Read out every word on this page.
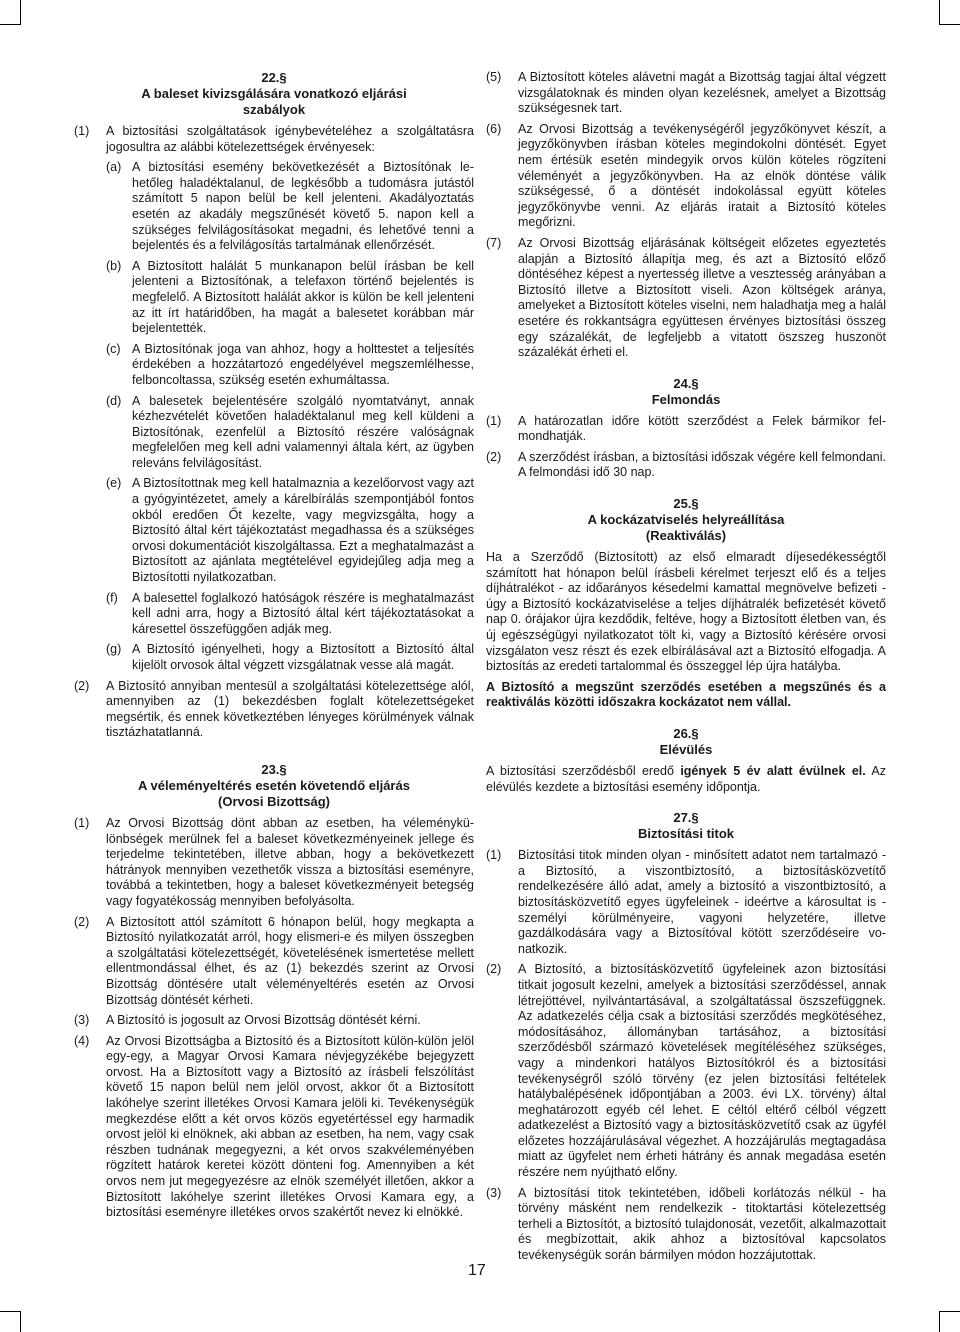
22.§

A baleset kivizsgálására vonatkozó eljárási

szabályok

(1)	A biztosítási szolgáltatások igénybevételéhez a szolgáltatásra jogosultra az alábbi kötelezettségek érvényesek:
(a) A biztosítási esemény bekövetkezését a Biztosítónak lehetőleg haladéktalanul, de legkésőbb a tudomásra jutástól számított 5 napon belül be kell jelenteni. Akadályoztatás esetén az akadály megszűnését követő 5. napon kell a szükséges felvilágosításokat megadni, és lehetővé tenni a bejelentés és a felvilágosítás tartalmának ellenőrzését.
(b) A Biztosított halálát 5 munkanapon belül írásban be kell jelenteni a Biztosítónak, a telefaxon történő bejelentés is megfelelő. A Biztosított halálát akkor is külön be kell jelenteni az itt írt határidőben, ha magát a balesetet korábban már bejelentették.
(c) A Biztosítónak joga van ahhoz, hogy a holttestet a teljesítés érdekében a hozzátartozó engedélyével megszemlélhesse, felboncoltassa, szükség esetén exhumáltassa.
(d) A balesetek bejelentésére szolgáló nyomtatványt, annak kézhezvételét követően haladéktalanul meg kell küldeni a Biztosítónak, ezenfelül a Biztosító részére valóságnak megfelelően meg kell adni valamennyi általa kért, az ügyben releváns felvilágosítást.
(e) A Biztosítottnak meg kell hatalmaznia a kezelőorvost vagy azt a gyógyintézetet, amely a kárelbírálás szempontjából fontos okból eredően Őt kezelte, vagy megvizsgálta, hogy a Biztosító által kért tájékoztatást megadhassa és a szükséges orvosi dokumentációt kiszolgáltassa. Ezt a meghatalmazást a Biztosított az ajánlata megtételével egyidejűleg adja meg a Biztosítotti nyilatkozatban.
(f)	A balesettel foglalkozó hatóságok részére is meghatalmazást kell adni arra, hogy a Biztosító által kért tájékoztatásokat a káresettel összefüggően adják meg.
(g) A Biztosító igényelheti, hogy a Biztosított a Biztosító által kijelölt orvosok által végzett vizsgálatnak vesse alá magát.
(2)	A Biztosító annyiban mentesül a szolgáltatási kötelezettsége alól, amennyiben az (1) bekezdésben foglalt kötelezettségeket megsértik, és ennek következtében lényeges körülmények válnak tisztázhatatlanná.

23.§

A véleményeltérés esetén követendő eljárás

(Orvosi Bizottság)

(1)	Az Orvosi Bizottság dönt abban az esetben, ha véleménykülönbségek merülnek fel a baleset következményeinek jellege és terjedelme tekintetében, illetve abban, hogy a bekövetkezett hátrányok mennyiben vezethetők vissza a biztosítási eseményre, továbbá a tekintetben, hogy a baleset következményeit betegség vagy fogyatékosság mennyiben befolyásolta.
(2)	A Biztosított attól számított 6 hónapon belül, hogy megkapta a Biztosító nyilatkozatát arról, hogy elismeri-e és milyen összegben a szolgáltatási kötelezettségét, követelésének ismertetése mellett ellentmondással élhet, és az (1) bekezdés szerint az Orvosi Bizottság döntésére utalt véleményeltérés esetén az Orvosi Bizottság döntését kérheti.
(3)	A Biztosító is jogosult az Orvosi Bizottság döntését kérni.
(4)	Az Orvosi Bizottságba a Biztosító és a Biztosított külön-külön jelöl egy-egy, a Magyar Orvosi Kamara névjegyzékébe bejegyzett orvost. Ha a Biztosított vagy a Biztosító az írásbeli felszólítást követő 15 napon belül nem jelöl orvost, akkor őt a Biztosított lakóhelye szerint illetékes Orvosi Kamara jelöli ki. Tevékenységük megkezdése előtt a két orvos közös egyetértéssel egy harmadik orvost jelöl ki elnöknek, aki abban az esetben, ha nem, vagy csak részben tudnának megegyezni, a két orvos szakvéleményében rögzített határok keretei között dönteni fog. Amennyiben a két orvos nem jut megegyezésre az elnök személyét illetően, akkor a Biztosított lakóhelye szerint illetékes Orvosi Kamara egy, a biztosítási eseményre illetékes orvos szakértőt nevez ki elnökké.
(5)	A Biztosított köteles alávetni magát a Bizottság tagjai által végzett vizsgálatoknak és minden olyan kezelésnek, amelyet a Bizottság szükségesnek tart.
(6)	Az Orvosi Bizottság a tevékenységéről jegyzőkönyvet készít, a jegyzőkönyvben írásban köteles megindokolni döntését. Egyet nem értésük esetén mindegyik orvos külön köteles rögzíteni véleményét a jegyzőkönyvben. Ha az elnök döntése válik szükségessé, ő a döntését indokolással együtt köteles jegyzőkönyvbe venni. Az eljárás iratait a Biztosító köteles megőrizni.
(7)	Az Orvosi Bizottság eljárásának költségeit előzetes egyeztetés alapján a Biztosító állapítja meg, és azt a Biztosító előző döntéséhez képest a nyertesség illetve a vesztesség arányában a Biztosító illetve a Biztosított viseli. Azon költségek aránya, amelyeket a Biztosított köteles viselni, nem haladhatja meg a halál esetére és rokkantságra együttesen érvényes biztosítási összeg egy százalékát, de legfeljebb a vitatott öszszeg huszonöt százalékát érheti el.

24.§

Felmondás

(1)	A határozatlan időre kötött szerződést a Felek bármikor felmondhatják.
(2)	A szerződést írásban, a biztosítási időszak végére kell felmondani. A felmondási idő 30 nap.

25.§

A kockázatviselés helyreállítása

(Reaktiválás)

Ha a Szerződő (Biztosított) az első elmaradt díjesedékességtől számított hat hónapon belül írásbeli kérelmet terjeszt elő és a teljes díjhátralékot - az időarányos késedelmi kamattal megnövelve befizeti - úgy a Biztosító kockázatviselése a teljes díjhátralék befizetését követő nap 0. órájakor újra kezdődik, feltéve, hogy a Biztosított életben van, és új egészségügyi nyilatkozatot tölt ki, vagy a Biztosító kérésére orvosi vizsgálaton vesz részt és ezek elbírálásával azt a Biztosító elfogadja. A biztosítás az eredeti tartalommal és összeggel lép újra hatályba.

A Biztosító a megszűnt szerződés esetében a megszűnés és a reaktiválás közötti időszakra kockázatot nem vállal.

26.§

Elévülés

A biztosítási szerződésből eredő igények 5 év alatt évülnek el. Az elévülés kezdete a biztosítási esemény időpontja.

27.§

Biztosítási titok

(1)	Biztosítási titok minden olyan - minősített adatot nem tartalmazó - a Biztosító, a viszontbiztosító, a biztosításközvetítő rendelkezésére álló adat, amely a biztosító a viszontbiztosító, a biztosításközvetítő egyes ügyfeleinek - ideértve a károsultat is - személyi körülményeire, vagyoni helyzetére, illetve gazdálkodására vagy a Biztosítóval kötött szerződéseire vonatkozik.
(2)	A Biztosító, a biztosításközvetítő ügyfeleinek azon biztosítási titkait jogosult kezelni, amelyek a biztosítási szerződéssel, annak létrejöttével, nyilvántartásával, a szolgáltatással öszszefüggnek. Az adatkezelés célja csak a biztosítási szerződés megkötéséhez, módosításához, állományban tartásához, a biztosítási szerződésből származó követelések megítéléséhez szükséges, vagy a mindenkori hatályos Biztosítókról és a biztosítási tevékenységről szóló törvény (ez jelen biztosítási feltételek hatálybalépésének időpontjában a 2003. évi LX. törvény) által meghatározott egyéb cél lehet. E céltól eltérő célból végzett adatkezelést a Biztosító vagy a biztosításközvetítő csak az ügyfél előzetes hozzájárulásával végezhet. A hozzájárulás megtagadása miatt az ügyfelet nem érheti hátrány és annak megadása esetén részére nem nyújtható előny.
(3)	A biztosítási titok tekintetében, időbeli korlátozás nélkül - ha törvény másként nem rendelkezik - titoktartási kötelezettség terheli a Biztosítót, a biztosító tulajdonosát, vezetőit, alkalmazottait és megbízottait, akik ahhoz a biztosítóval kapcsolatos tevékenységük során bármilyen módon hozzájutottak.
17
